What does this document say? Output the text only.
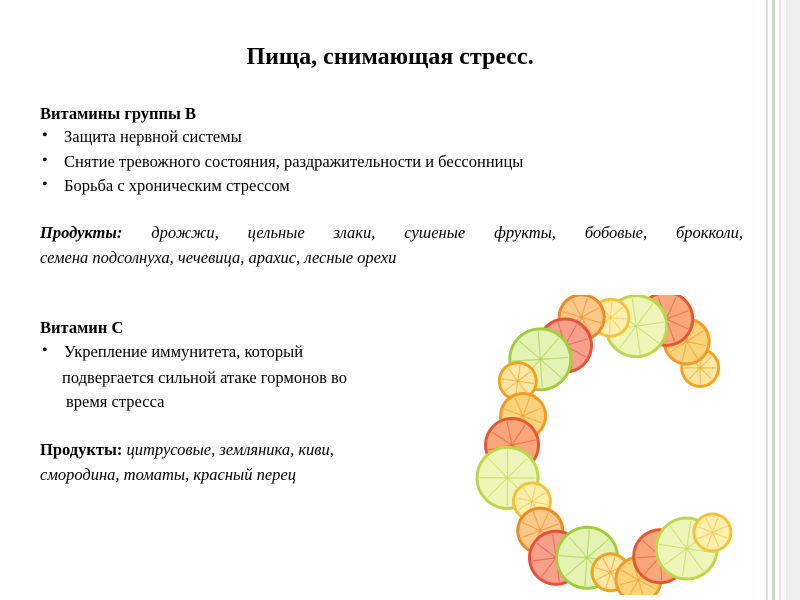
Пища, снимающая стресс.
Витамины группы В
• Защита нервной системы
• Снятие тревожного состояния, раздражительности и бессонницы
• Борьба с хроническим стрессом
Продукты: дрожжи, цельные злаки, сушеные фрукты, бобовые, брокколи,
семена подсолнуха, чечевица, арахис, лесные орехи
Витамин С
• Укрепление иммунитета, который
подвергается сильной атаке гормонов во
время стресса
Продукты: цитрусовые, земляника, киви,
смородина, томаты, красный перец
